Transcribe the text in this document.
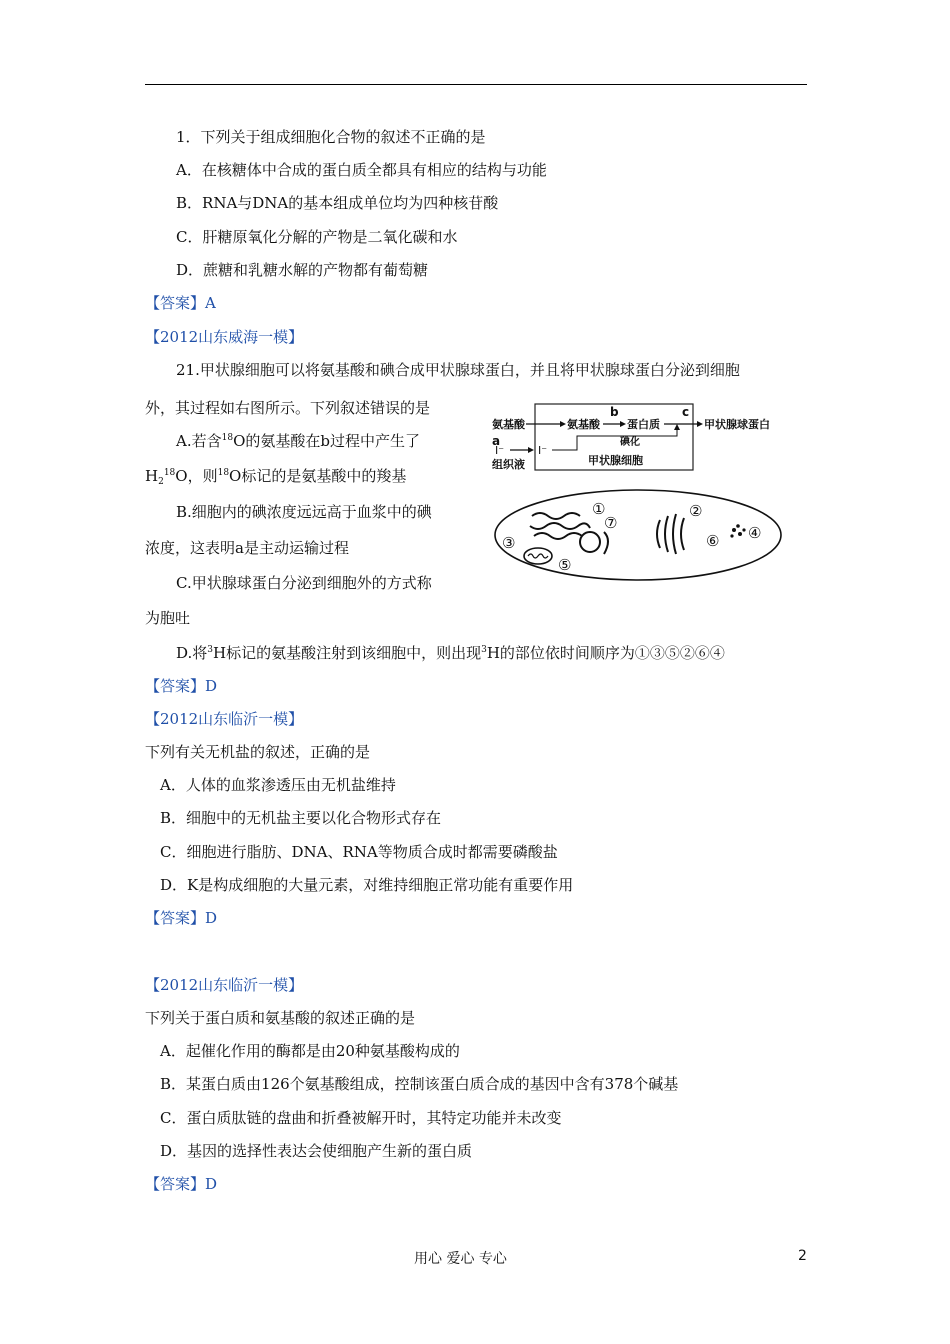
1．下列关于组成细胞化合物的叙述不正确的是
A．在核糖体中合成的蛋白质全都具有相应的结构与功能
B．RNA与DNA的基本组成单位均为四种核苷酸
C．肝糖原氧化分解的产物是二氧化碳和水
D．蔗糖和乳糖水解的产物都有葡萄糖
【答案】A
【2012山东威海一模】
21.甲状腺细胞可以将氨基酸和碘合成甲状腺球蛋白，并且将甲状腺球蛋白分泌到细胞
外，其过程如右图所示。下列叙述错误的是
A.若含$^{18}$O的氨基酸在b过程中产生了
$H_2^{18}O$，则$^{18}$O标记的是氨基酸中的羧基
B.细胞内的碘浓度远远高于血浆中的碘
浓度，这表明a是主动运输过程
C.甲状腺球蛋白分泌到细胞外的方式称
为胞吐
D.将$^3$H标记的氨基酸注射到该细胞中，则出现$^3$H的部位依时间顺序为①③⑤②⑥④
【答案】D
氨基酸	氨基酸
b
蛋白质
c
甲状腺球蛋白
a
I⁻	I⁻
碘化
甲状腺细胞
组织液
①	②
③
④
⑤
⑥
⑦
【2012山东临沂一模】
下列有关无机盐的叙述，正确的是
A．人体的血浆渗透压由无机盐维持
B．细胞中的无机盐主要以化合物形式存在
C．细胞进行脂肪、DNA、RNA等物质合成时都需要磷酸盐
D．K是构成细胞的大量元素，对维持细胞正常功能有重要作用
【答案】D
【2012山东临沂一模】
下列关于蛋白质和氨基酸的叙述正确的是
A．起催化作用的酶都是由20种氨基酸构成的
B．某蛋白质由126个氨基酸组成，控制该蛋白质合成的基因中含有378个碱基
C．蛋白质肽链的盘曲和折叠被解开时，其特定功能并未改变
D．基因的选择性表达会使细胞产生新的蛋白质
【答案】D
用心 爱心 专心	2
